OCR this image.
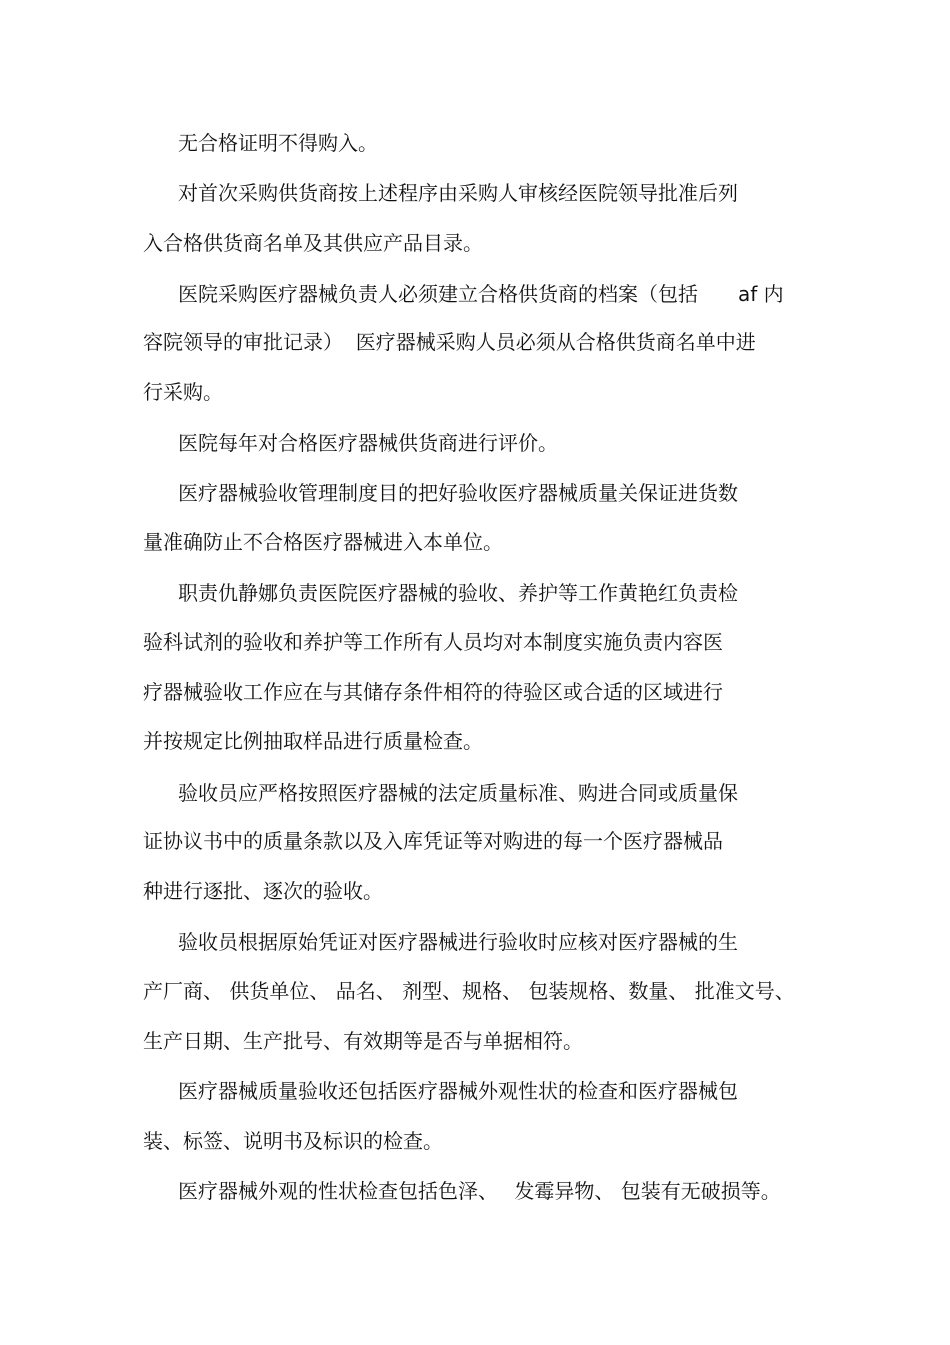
无合格证明不得购入。
对首次采购供货商按上述程序由采购人审核经医院领导批准后列
入合格供货商名单及其供应产品目录。
医院采购医疗器械负责人必须建立合格供货商的档案（包括　　af 内
容院领导的审批记录）  医疗器械采购人员必须从合格供货商名单中进
行采购。
医院每年对合格医疗器械供货商进行评价。
医疗器械验收管理制度目的把好验收医疗器械质量关保证进货数
量准确防止不合格医疗器械进入本单位。
职责仇静娜负责医院医疗器械的验收、养护等工作黄艳红负责检
验科试剂的验收和养护等工作所有人员均对本制度实施负责内容医
疗器械验收工作应在与其储存条件相符的待验区或合适的区域进行
并按规定比例抽取样品进行质量检查。
验收员应严格按照医疗器械的法定质量标准、购进合同或质量保
证协议书中的质量条款以及入库凭证等对购进的每一个医疗器械品
种进行逐批、逐次的验收。
验收员根据原始凭证对医疗器械进行验收时应核对医疗器械的生
产厂商、 供货单位、 品名、 剂型、规格、 包装规格、数量、 批准文号、
生产日期、生产批号、有效期等是否与单据相符。
医疗器械质量验收还包括医疗器械外观性状的检查和医疗器械包
装、标签、说明书及标识的检查。
医疗器械外观的性状检查包括色泽、　 发霉异物、 包装有无破损等。
